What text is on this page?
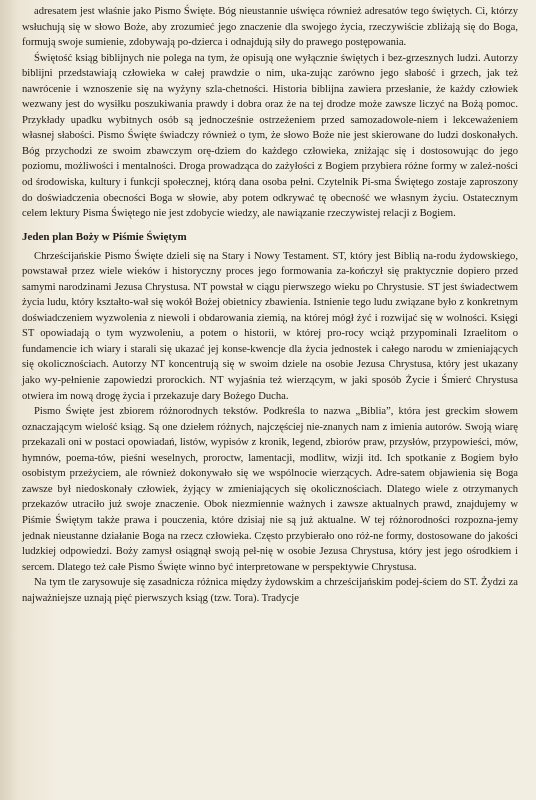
adresatem jest właśnie jako Pismo Święte. Bóg nieustannie uświęca również adresatów tego świętych. Ci, którzy wsłuchują się w słowo Boże, aby zrozumieć jego znaczenie dla swojego życia, rzeczywiście zbliżają się do Boga, formują swoje sumienie, zdobywają po-dzierca i odnajdują siły do prawego postępowania.

Świętość ksiąg biblijnych nie polega na tym, że opisują one wyłącznie świętych i bez-grzesznych ludzi. Autorzy biblijni przedstawiają człowieka w całej prawdzie o nim, uka-zując zarówno jego słabość i grzech, jak też nawrócenie i wznoszenie się na wyżyny szla-chetności. Historia biblijna zawiera przesłanie, że każdy człowiek wezwany jest do wysiłku poszukiwania prawdy i dobra oraz że na tej drodze może zawsze liczyć na Bożą pomoc. Przykłady upadku wybitnych osób są jednocześnie ostrzeżeniem przed samozadowole-niem i lekceważeniem własnej słabości. Pismo Święte świadczy również o tym, że słowo Boże nie jest skierowane do ludzi doskonałych. Bóg przychodzi ze swoim zbawczym orę-dziem do każdego człowieka, zniżając się i dostosowując do jego poziomu, możliwości i mentalności. Droga prowadząca do zażyłości z Bogiem przybiera różne formy w zależ-ności od środowiska, kultury i funkcji społecznej, którą dana osoba pełni. Czytelnik Pi-sma Świętego zostaje zaproszony do doświadczenia obecności Boga w słowie, aby potem odkrywać tę obecność we własnym życiu. Ostatecznym celem lektury Pisma Świętego nie jest zdobycie wiedzy, ale nawiązanie rzeczywistej relacji z Bogiem.

Jeden plan Boży w Piśmie Świętym

Chrześcijańskie Pismo Święte dzieli się na Stary i Nowy Testament. ST, który jest Biblią na-rodu żydowskiego, powstawał przez wiele wieków i historyczny proces jego formowania za-kończył się praktycznie dopiero przed samymi narodzinami Jezusa Chrystusa. NT powstał w ciągu pierwszego wieku po Chrystusie. ST jest świadectwem życia ludu, który kształto-wał się wokół Bożej obietnicy zbawienia. Istnienie tego ludu związane było z konkretnym doświadczeniem wyzwolenia z niewoli i obdarowania ziemią, na której mógł żyć i rozwijać się w wolności. Księgi ST opowiadają o tym wyzwoleniu, a potem o historii, w której pro-rocy wciąż przypominali Izraelitom o fundamencie ich wiary i starali się ukazać jej konse-kwencje dla życia jednostek i całego narodu w zmieniających się okolicznościach. Autorzy NT koncentrują się w swoim dziele na osobie Jezusa Chrystusa, który jest ukazany jako wy-pełnienie zapowiedzi prorockich. NT wyjaśnia też wierzącym, w jaki sposób Życie i Śmierć Chrystusa otwiera im nową drogę życia i przekazuje dary Bożego Ducha.

Pismo Święte jest zbiorem różnorodnych tekstów. Podkreśla to nazwa „Biblia”, która jest greckim słowem oznaczającym wielość ksiąg. Są one dziełem różnych, najczęściej nie-znanych nam z imienia autorów. Swoją wiarę przekazali oni w postaci opowiadań, listów, wypisów z kronik, legend, zbiorów praw, przysłów, przypowieści, mów, hymnów, poema-tów, pieśni weselnych, proroctw, lamentacji, modlitw, wizji itd. Ich spotkanie z Bogiem było osobistym przeżyciem, ale również dokonywało się we wspólnocie wierzących. Adre-satem objawienia się Boga zawsze był niedoskonały człowiek, żyjący w zmieniających się okolicznościach. Dlatego wiele z otrzymanych przekazów utraciło już swoje znaczenie. Obok niezmiennie ważnych i zawsze aktualnych prawd, znajdujemy w Piśmie Świętym także prawa i pouczenia, które dzisiaj nie są już aktualne. W tej różnorodności rozpozna-jemy jednak nieustanne działanie Boga na rzecz człowieka. Często przybierało ono róż-ne formy, dostosowane do jakości ludzkiej odpowiedzi. Boży zamysł osiągnął swoją peł-nię w osobie Jezusa Chrystusa, który jest jego ośrodkiem i sercem. Dlatego też całe Pismo Święte winno być interpretowane w perspektywie Chrystusa.

Na tym tle zarysowuje się zasadnicza różnica między żydowskim a chrześcijańskim podej-ściem do ST. Żydzi za najważniejsze uznają pięć pierwszych ksiąg (tzw. Tora). Tradycje
